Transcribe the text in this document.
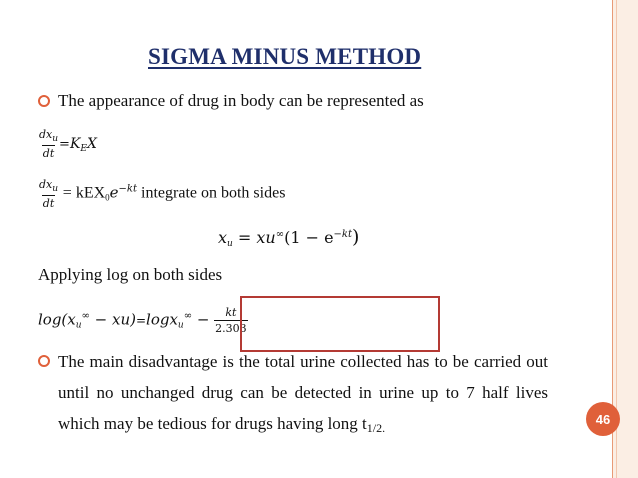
SIGMA MINUS METHOD
The appearance of drug in body can be represented as
$\frac{dx_u}{dt} =K_EX$
$\frac{dx_u}{dt} = kEX_0e^{-kt}$ integrate on both sides
$x_u = xu^\infty(1 - e^{-kt})$
Applying log on both sides
$\log(x_u^\infty - xu)=\log x_u^\infty - \frac{kt}{2.303}$
The main disadvantage is the total urine collected has to be carried out until no unchanged drug can be detected in urine up to 7 half lives which may be tedious for drugs having long $t_{1/2.}$
46
